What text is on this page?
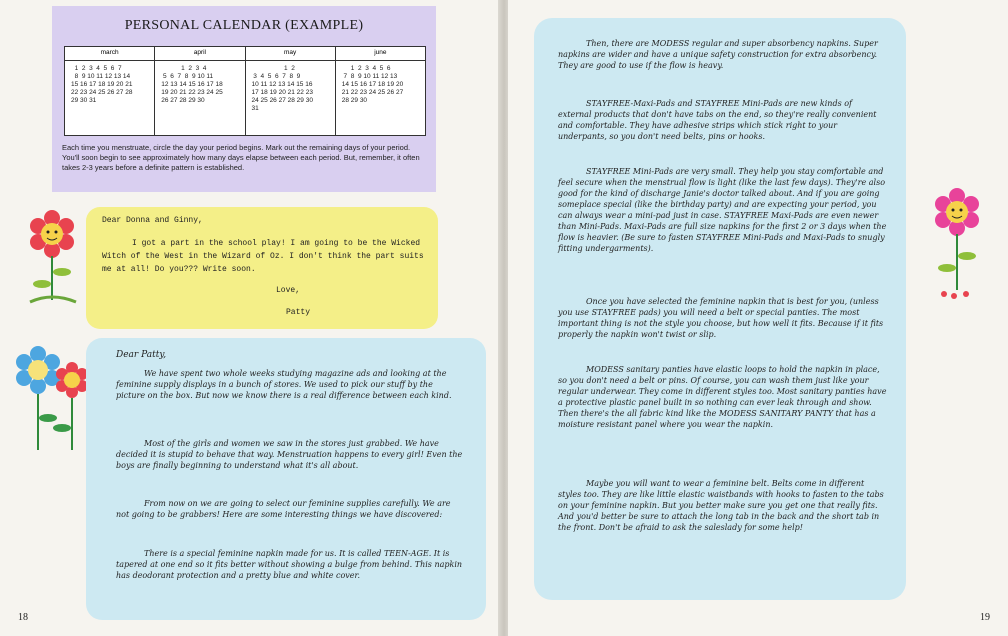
PERSONAL CALENDAR (EXAMPLE)
march
1  2  3  4  5  6  7
8  9 10 11 12 13 14
15 16 17 18 19 20 21
22 23 24 25 26 27 28
29 30 31
april
1  2  3  4
5  6  7  8  9 10 11
12 13 14 15 16 17 18
19 20 21 22 23 24 25
26 27 28 29 30
may
1  2
3  4  5  6  7  8  9
10 11 12 13 14 15 16
17 18 19 20 21 22 23
24 25 26 27 28 29 30
31
june
1  2  3  4  5  6
7  8  9 10 11 12 13
14 15 16 17 18 19 20
21 22 23 24 25 26 27
28 29 30
Each time you menstruate, circle the day your period begins. Mark out the remaining days of your period. You'll soon begin to see approximately how many days elapse between each period. But, remember, it often takes 2-3 years before a definite pattern is established.
Dear Donna and Ginny,
I got a part in the school play! I am going to be the Wicked Witch of the West in the Wizard of Oz. I don't think the part suits me at all! Do you??? Write soon.
Love,
Patty
Dear Patty,
We have spent two whole weeks studying magazine ads and looking at the feminine supply displays in a bunch of stores. We used to pick our stuff by the picture on the box. But now we know there is a real difference between each kind.
Most of the girls and women we saw in the stores just grabbed. We have decided it is stupid to behave that way. Menstruation happens to every girl! Even the boys are finally beginning to understand what it's all about.
From now on we are going to select our feminine supplies carefully. We are not going to be grabbers! Here are some interesting things we have discovered:
There is a special feminine napkin made for us. It is called TEEN-AGE. It is tapered at one end so it fits better without showing a bulge from behind. This napkin has deodorant protection and a pretty blue and white cover.
18
Then, there are MODESS regular and super absorbency napkins. Super napkins are wider and have a unique safety construction for extra absorbency. They are good to use if the flow is heavy.
STAYFREE-Maxi-Pads and STAYFREE Mini-Pads are new kinds of external products that don't have tabs on the end, so they're really convenient and comfortable. They have adhesive strips which stick right to your underpants, so you don't need belts, pins or hooks.
STAYFREE Mini-Pads are very small. They help you stay comfortable and feel secure when the menstrual flow is light (like the last few days). They're also good for the kind of discharge Janie's doctor talked about. And if you are going someplace special (like the birthday party) and are expecting your period, you can always wear a mini-pad just in case. STAYFREE Maxi-Pads are even newer than Mini-Pads. Maxi-Pads are full size napkins for the first 2 or 3 days when the flow is heavier. (Be sure to fasten STAYFREE Mini-Pads and Maxi-Pads to snugly fitting undergarments).
Once you have selected the feminine napkin that is best for you, (unless you use STAYFREE pads) you will need a belt or special panties. The most important thing is not the style you choose, but how well it fits. Because if it fits properly the napkin won't twist or slip.
MODESS sanitary panties have elastic loops to hold the napkin in place, so you don't need a belt or pins. Of course, you can wash them just like your regular underwear. They come in different styles too. Most sanitary panties have a protective plastic panel built in so nothing can ever leak through and show. Then there's the all fabric kind like the MODESS SANITARY PANTY that has a moisture resistant panel where you wear the napkin.
Maybe you will want to wear a feminine belt. Belts come in different styles too. They are like little elastic waistbands with hooks to fasten to the tabs on your feminine napkin. But you better make sure you get one that really fits. And you'd better be sure to attach the long tab in the back and the short tab in the front. Don't be afraid to ask the saleslady for some help!
19
